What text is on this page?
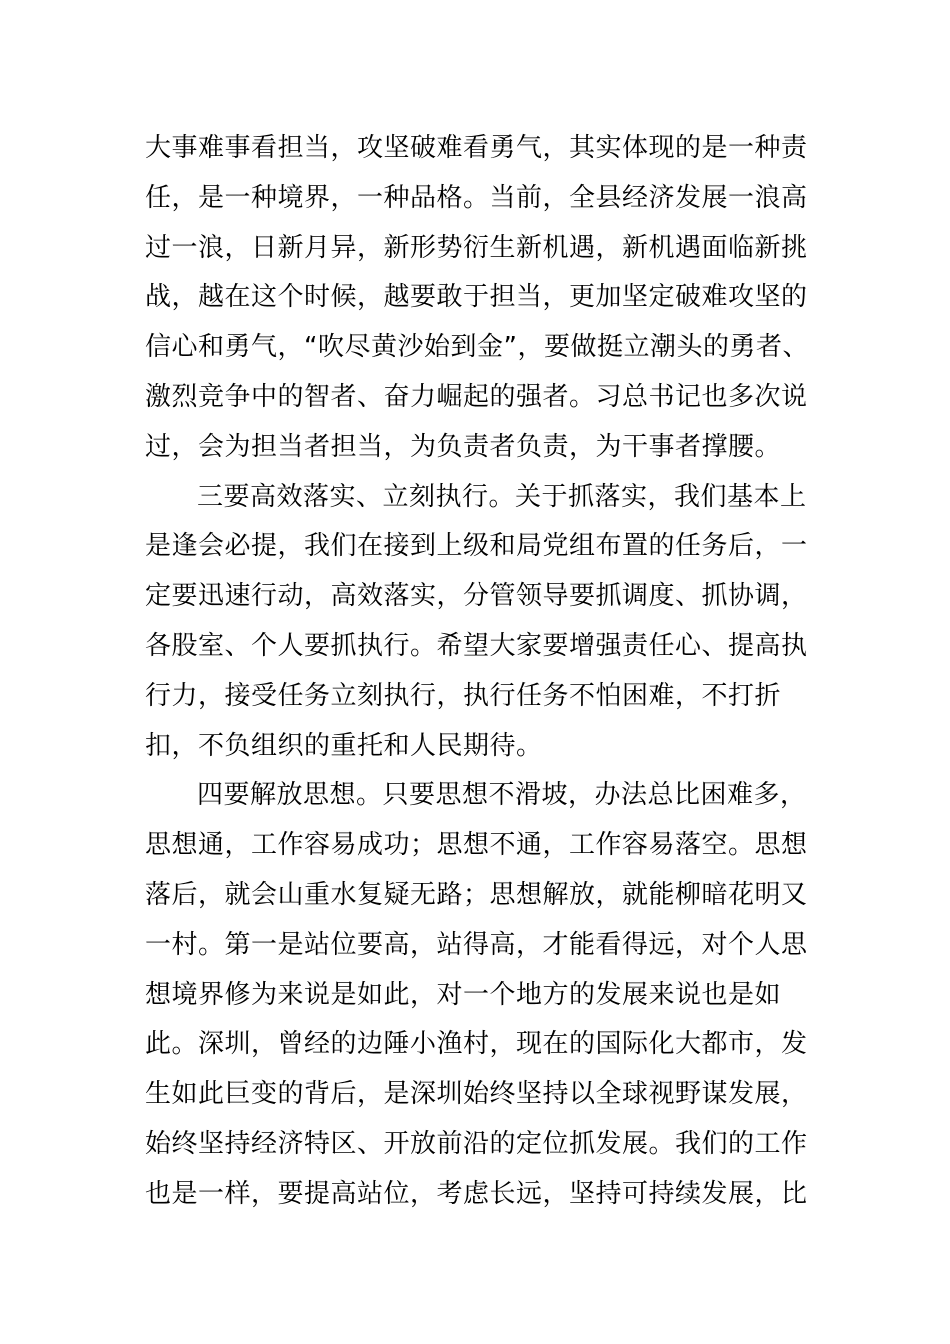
大事难事看担当，攻坚破难看勇气，其实体现的是一种责
任，是一种境界，一种品格。当前，全县经济发展一浪高
过一浪，日新月异，新形势衍生新机遇，新机遇面临新挑
战，越在这个时候，越要敢于担当，更加坚定破难攻坚的
信心和勇气，“吹尽黄沙始到金”，要做挺立潮头的勇者、
激烈竞争中的智者、奋力崛起的强者。习总书记也多次说
过，会为担当者担当，为负责者负责，为干事者撑腰。
三要高效落实、立刻执行。关于抓落实，我们基本上
是逢会必提，我们在接到上级和局党组布置的任务后，一
定要迅速行动，高效落实，分管领导要抓调度、抓协调，
各股室、个人要抓执行。希望大家要增强责任心、提高执
行力，接受任务立刻执行，执行任务不怕困难，不打折
扣，不负组织的重托和人民期待。
四要解放思想。只要思想不滑坡，办法总比困难多，
思想通，工作容易成功；思想不通，工作容易落空。思想
落后，就会山重水复疑无路；思想解放，就能柳暗花明又
一村。第一是站位要高，站得高，才能看得远，对个人思
想境界修为来说是如此，对一个地方的发展来说也是如
此。深圳，曾经的边陲小渔村，现在的国际化大都市，发
生如此巨变的背后，是深圳始终坚持以全球视野谋发展，
始终坚持经济特区、开放前沿的定位抓发展。我们的工作
也是一样，要提高站位，考虑长远，坚持可持续发展，比
